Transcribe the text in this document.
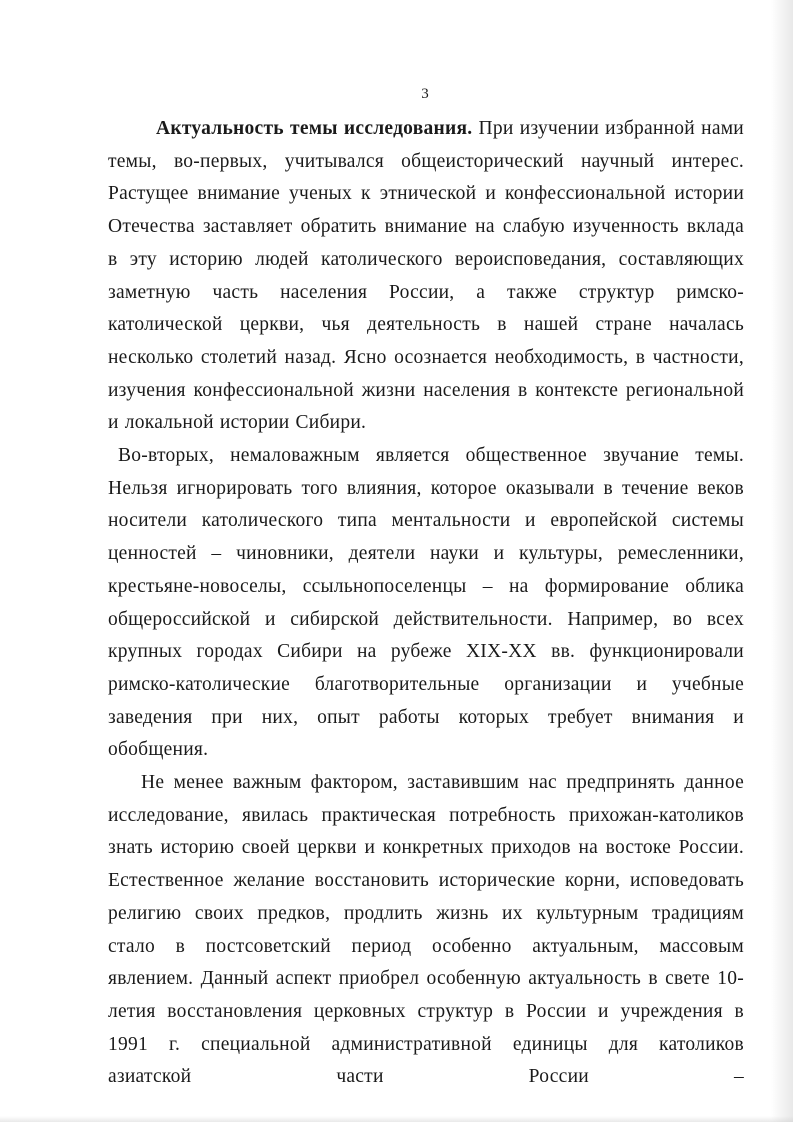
3

Актуальность темы исследования. При изучении избранной нами темы, во-первых, учитывался общеисторический научный интерес. Растущее внимание ученых к этнической и конфессиональной истории Отечества заставляет обратить внимание на слабую изученность вклада в эту историю людей католического вероисповедания, составляющих заметную часть населения России, а также структур римско-католической церкви, чья деятельность в нашей стране началась несколько столетий назад. Ясно осознается необходимость, в частности, изучения конфессиональной жизни населения в контексте региональной и локальной истории Сибири.

Во-вторых, немаловажным является общественное звучание темы. Нельзя игнорировать того влияния, которое оказывали в течение веков носители католического типа ментальности и европейской системы ценностей – чиновники, деятели науки и культуры, ремесленники, крестьяне-новоселы, ссыльнопоселенцы – на формирование облика общероссийской и сибирской действительности. Например, во всех крупных городах Сибири на рубеже XIX-XX вв. функционировали римско-католические благотворительные организации и учебные заведения при них, опыт работы которых требует внимания и обобщения.

Не менее важным фактором, заставившим нас предпринять данное исследование, явилась практическая потребность прихожан-католиков знать историю своей церкви и конкретных приходов на востоке России. Естественное желание восстановить исторические корни, исповедовать религию своих предков, продлить жизнь их культурным традициям стало в постсоветский период особенно актуальным, массовым явлением. Данный аспект приобрел особенную актуальность в свете 10-летия восстановления церковных структур в России и учреждения в 1991 г. специальной административной единицы для католиков азиатской части России –
